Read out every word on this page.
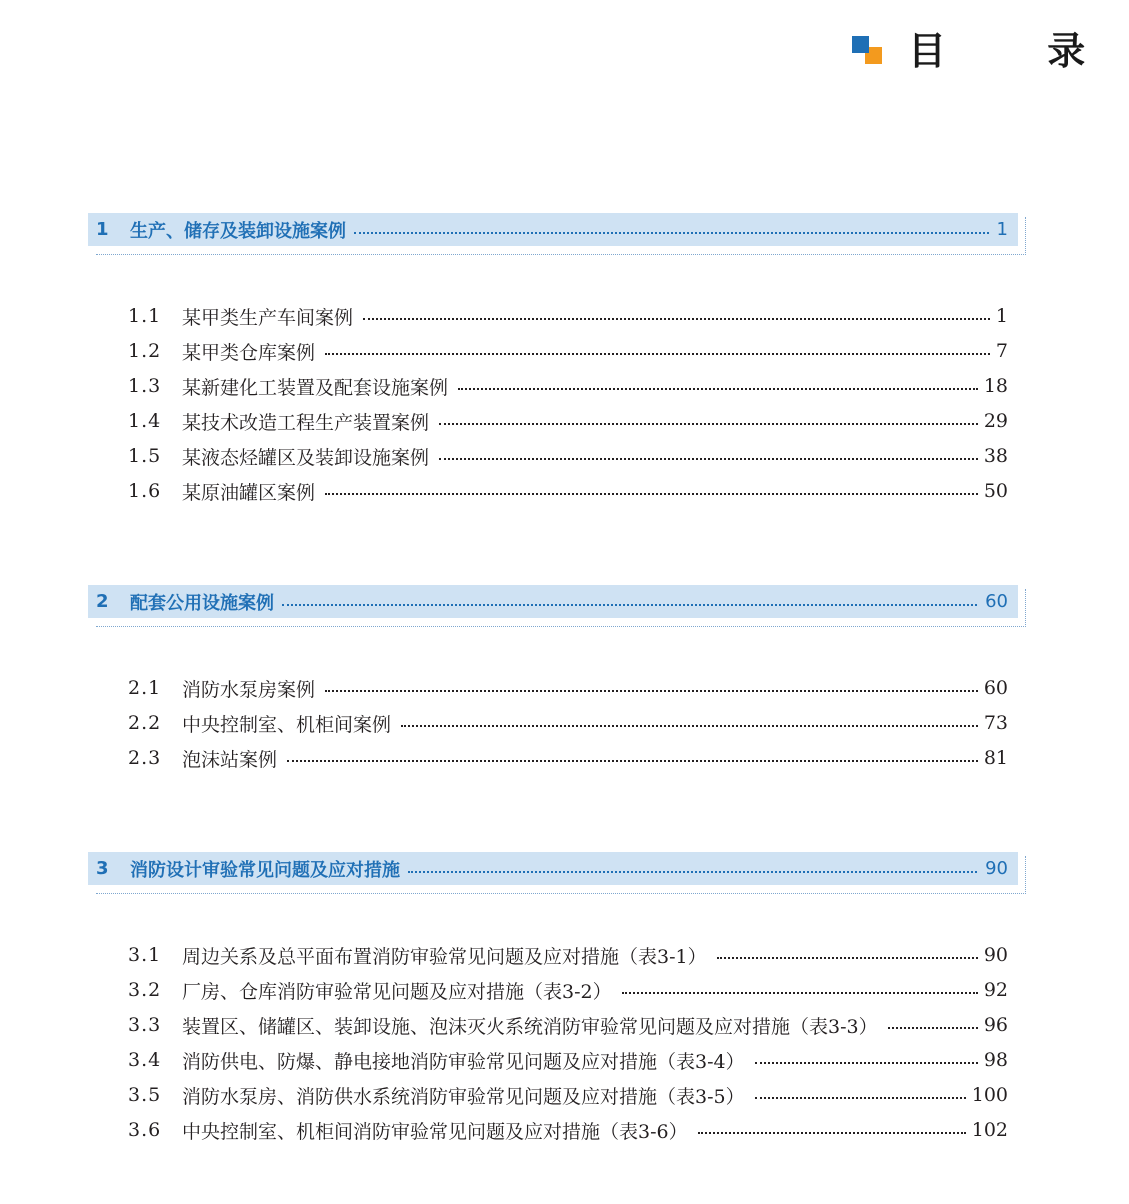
目 录
1	生产、储存及装卸设施案例	1
1.1	某甲类生产车间案例	1
1.2	某甲类仓库案例	7
1.3	某新建化工装置及配套设施案例	18
1.4	某技术改造工程生产装置案例	29
1.5	某液态烃罐区及装卸设施案例	38
1.6	某原油罐区案例	50
2	配套公用设施案例	60
2.1	消防水泵房案例	60
2.2	中央控制室、机柜间案例	73
2.3	泡沫站案例	81
3	消防设计审验常见问题及应对措施	90
3.1	周边关系及总平面布置消防审验常见问题及应对措施（表3-1）	90
3.2	厂房、仓库消防审验常见问题及应对措施（表3-2）	92
3.3	装置区、储罐区、装卸设施、泡沫灭火系统消防审验常见问题及应对措施（表3-3）	96
3.4	消防供电、防爆、静电接地消防审验常见问题及应对措施（表3-4）	98
3.5	消防水泵房、消防供水系统消防审验常见问题及应对措施（表3-5）	100
3.6	中央控制室、机柜间消防审验常见问题及应对措施（表3-6）	102
